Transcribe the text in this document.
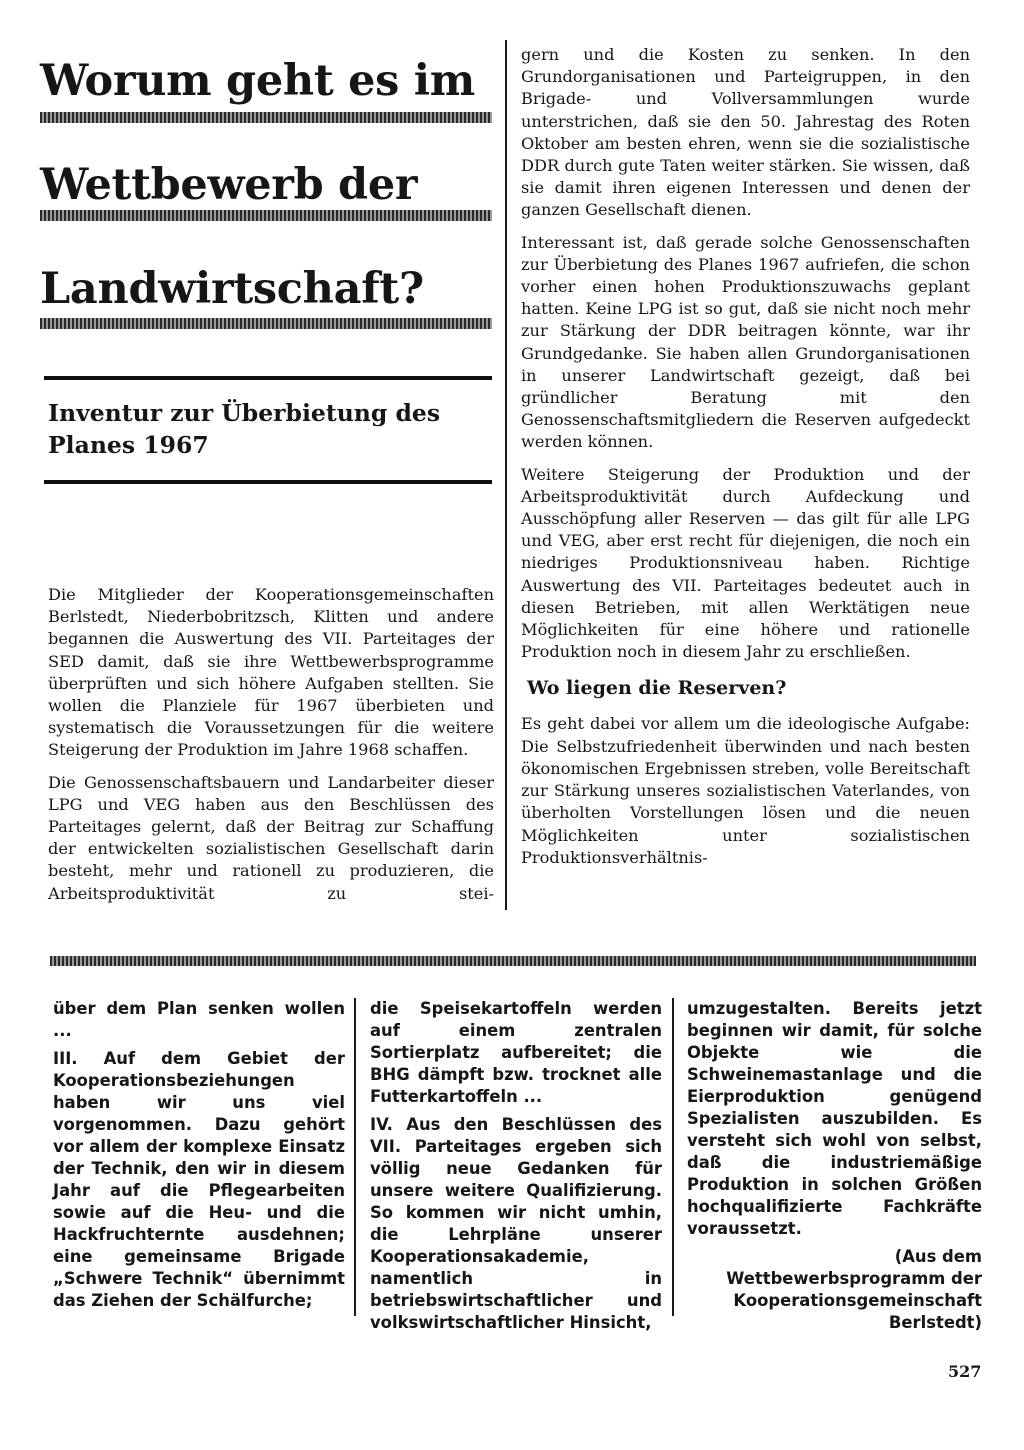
Worum geht es im
Wettbewerb der
Landwirtschaft?
Inventur zur Überbietung des Planes 1967

Die Mitglieder der Kooperationsgemeinschaften Berlstedt, Niederbobritzsch, Klitten und andere begannen die Auswertung des VII. Parteitages der SED damit, daß sie ihre Wettbewerbsprogramme überprüften und sich höhere Aufgaben stellten. Sie wollen die Planziele für 1967 überbieten und systematisch die Voraussetzungen für die weitere Steigerung der Produktion im Jahre 1968 schaffen.

Die Genossenschaftsbauern und Landarbeiter dieser LPG und VEG haben aus den Beschlüssen des Parteitages gelernt, daß der Beitrag zur Schaffung der entwickelten sozialistischen Gesellschaft darin besteht, mehr und rationell zu produzieren, die Arbeitsproduktivität zu stei-

gern und die Kosten zu senken. In den Grundorganisationen und Parteigruppen, in den Brigade- und Vollversammlungen wurde unterstrichen, daß sie den 50. Jahrestag des Roten Oktober am besten ehren, wenn sie die sozialistische DDR durch gute Taten weiter stärken. Sie wissen, daß sie damit ihren eigenen Interessen und denen der ganzen Gesellschaft dienen.

Interessant ist, daß gerade solche Genossenschaften zur Überbietung des Planes 1967 aufriefen, die schon vorher einen hohen Produktionszuwachs geplant hatten. Keine LPG ist so gut, daß sie nicht noch mehr zur Stärkung der DDR beitragen könnte, war ihr Grundgedanke. Sie haben allen Grundorganisationen in unserer Landwirtschaft gezeigt, daß bei gründlicher Beratung mit den Genossenschaftsmitgliedern die Reserven aufgedeckt werden können.

Weitere Steigerung der Produktion und der Arbeitsproduktivität durch Aufdeckung und Ausschöpfung aller Reserven — das gilt für alle LPG und VEG, aber erst recht für diejenigen, die noch ein niedriges Produktionsniveau haben. Richtige Auswertung des VII. Parteitages bedeutet auch in diesen Betrieben, mit allen Werktätigen neue Möglichkeiten für eine höhere und rationelle Produktion noch in diesem Jahr zu erschließen.

Wo liegen die Reserven?

Es geht dabei vor allem um die ideologische Aufgabe: Die Selbstzufriedenheit überwinden und nach besten ökonomischen Ergebnissen streben, volle Bereitschaft zur Stärkung unseres sozialistischen Vaterlandes, von überholten Vorstellungen lösen und die neuen Möglichkeiten unter sozialistischen Produktionsverhältnis-

über dem Plan senken wollen ...

III. Auf dem Gebiet der Kooperationsbeziehungen haben wir uns viel vorgenommen. Dazu gehört vor allem der komplexe Einsatz der Technik, den wir in diesem Jahr auf die Pflegearbeiten sowie auf die Heu- und die Hackfruchternte ausdehnen; eine gemeinsame Brigade „Schwere Technik“ übernimmt das Ziehen der Schälfurche;

die Speisekartoffeln werden auf einem zentralen Sortierplatz aufbereitet; die BHG dämpft bzw. trocknet alle Futterkartoffeln ...

IV. Aus den Beschlüssen des VII. Parteitages ergeben sich völlig neue Gedanken für unsere weitere Qualifizierung. So kommen wir nicht umhin, die Lehrpläne unserer Kooperationsakademie, namentlich in betriebswirtschaftlicher und volkswirtschaftlicher Hinsicht,

umzugestalten. Bereits jetzt beginnen wir damit, für solche Objekte wie die Schweinemastanlage und die Eierproduktion genügend Spezialisten auszubilden. Es versteht sich wohl von selbst, daß die industriemäßige Produktion in solchen Größen hochqualifizierte Fachkräfte voraussetzt.

(Aus dem Wettbewerbsprogramm der Kooperationsgemeinschaft Berlstedt)

527
